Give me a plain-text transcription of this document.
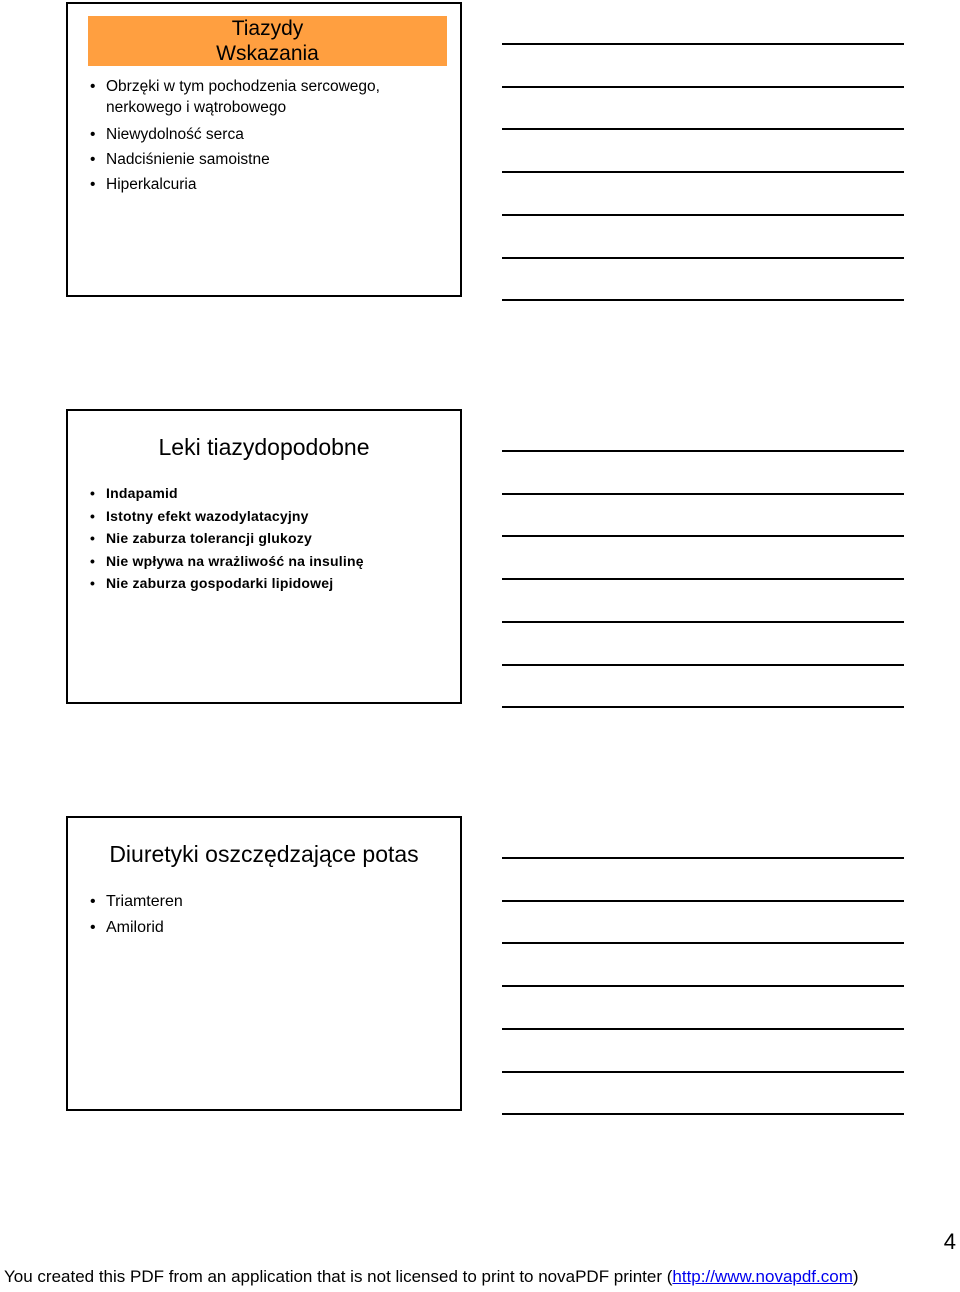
Tiazydy
Wskazania
• Obrzęki w tym pochodzenia sercowego, nerkowego i wątrobowego
• Niewydolność serca
• Nadciśnienie samoistne
• Hiperkalcuria
Leki tiazydopodobne
• Indapamid
• Istotny efekt wazodylatacyjny
• Nie zaburza tolerancji glukozy
• Nie wpływa na wrażliwość na insulinę
• Nie zaburza gospodarki lipidowej
Diuretyki oszczędzające potas
• Triamteren
• Amilorid
4
You created this PDF from an application that is not licensed to print to novaPDF printer (http://www.novapdf.com)
